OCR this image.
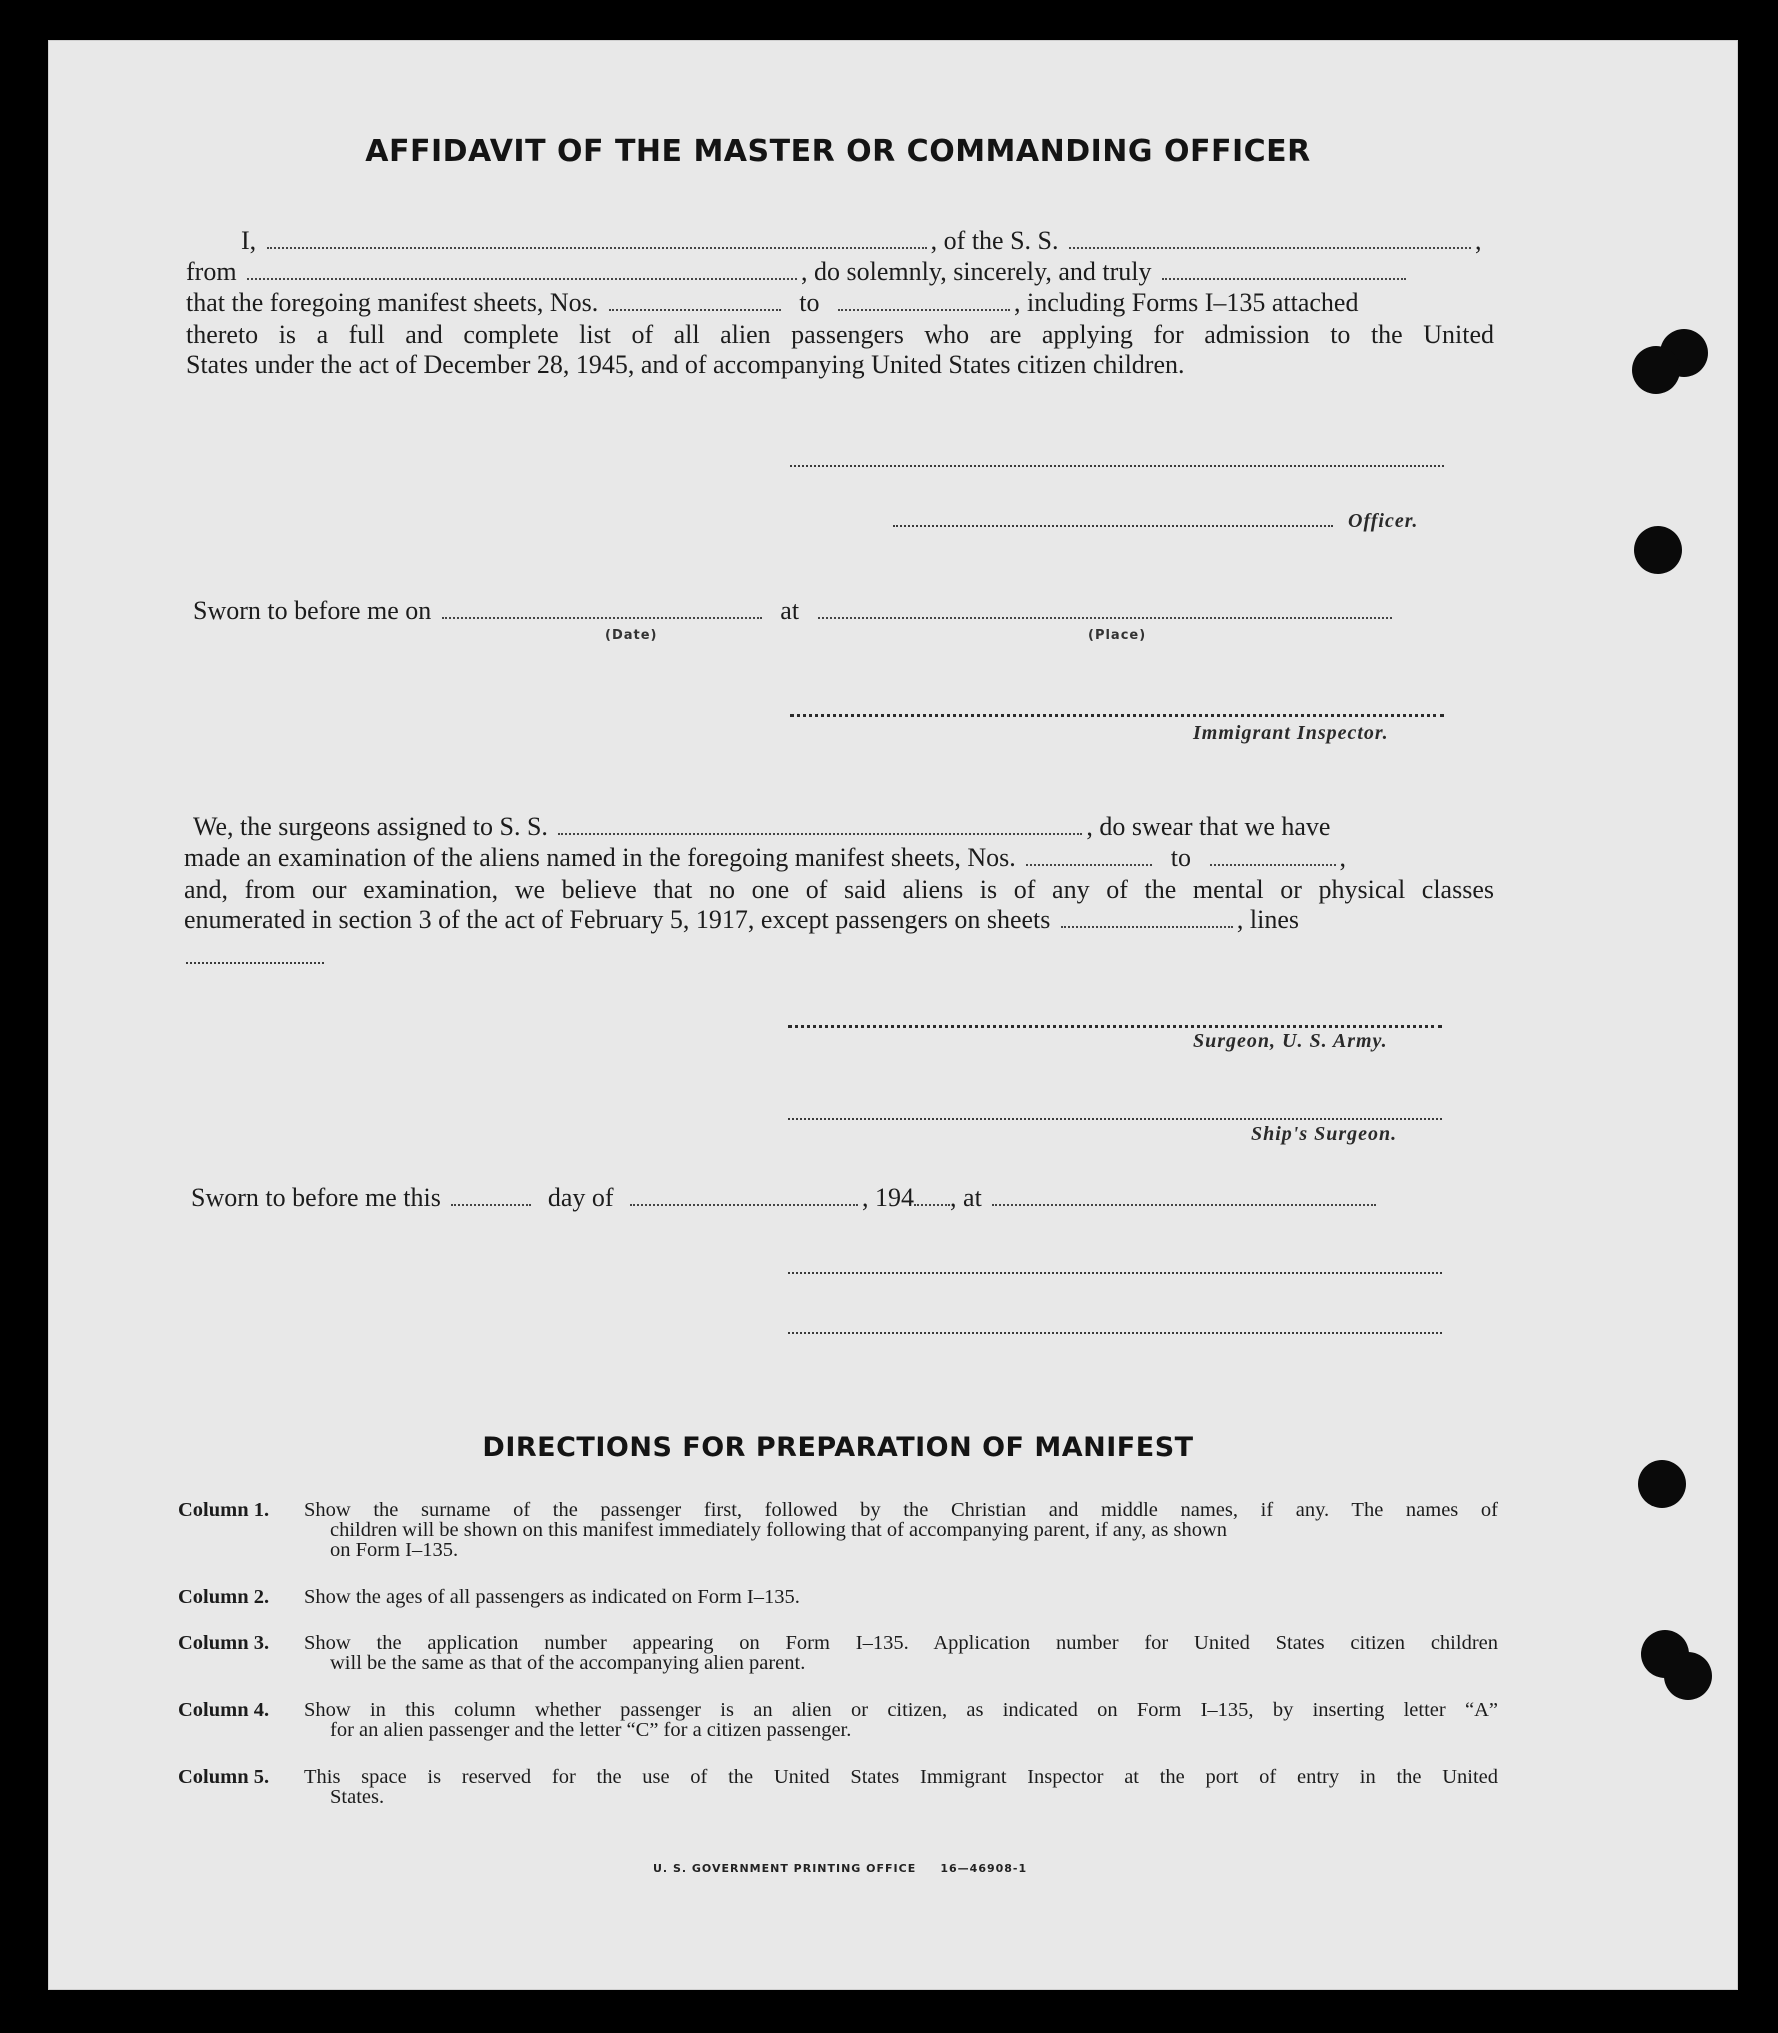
AFFIDAVIT OF THE MASTER OR COMMANDING OFFICER
I,	, of the S. S.	,
from	, do solemnly, sincerely, and truly
that the foregoing manifest sheets, Nos.	to	, including Forms I–135 attached
thereto is a full and complete list of all alien passengers who are applying for admission to the United
States under the act of December 28, 1945, and of accompanying United States citizen children.
Officer.
Sworn to before me on	at
(Date)	(Place)
Immigrant Inspector.
We, the surgeons assigned to S. S.	, do swear that we have
made an examination of the aliens named in the foregoing manifest sheets, Nos.	to	,
and, from our examination, we believe that no one of said aliens is of any of the mental or physical classes
enumerated in section 3 of the act of February 5, 1917, except passengers on sheets	, lines
Surgeon, U. S. Army.
Ship's Surgeon.
Sworn to before me this	day of	, 194 , at
DIRECTIONS FOR PREPARATION OF MANIFEST
Column 1. Show the surname of the passenger first, followed by the Christian and middle names, if any. The names of
children will be shown on this manifest immediately following that of accompanying parent, if any, as shown
on Form I–135.
Column 2. Show the ages of all passengers as indicated on Form I–135.
Column 3. Show the application number appearing on Form I–135. Application number for United States citizen children
will be the same as that of the accompanying alien parent.
Column 4. Show in this column whether passenger is an alien or citizen, as indicated on Form I–135, by inserting letter “A”
for an alien passenger and the letter “C” for a citizen passenger.
Column 5. This space is reserved for the use of the United States Immigrant Inspector at the port of entry in the United
States.
U. S. GOVERNMENT PRINTING OFFICE     16—46908-1
